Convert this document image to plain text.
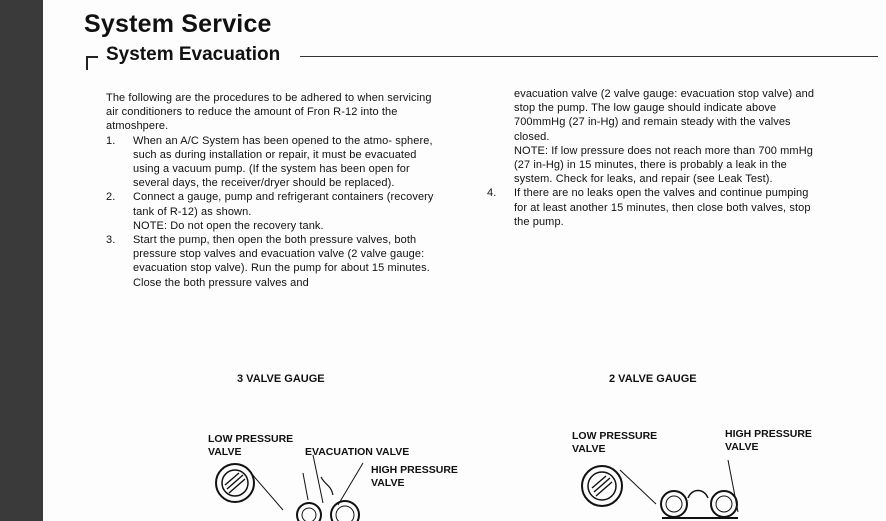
System Service
System Evacuation

The following are the procedures to be adhered to when servicing air conditioners to reduce the amount of Fron R-12 into the atmoshpere.

1. When an A/C System has been opened to the atmo- sphere, such as during installation or repair, it must be evacuated using a vacuum pump. (If the system has been open for several days, the receiver/dryer should be replaced).

2. Connect a gauge, pump and refrigerant containers (recovery tank of R-12) as shown.

NOTE: Do not open the recovery tank.

3. Start the pump, then open the both pressure valves, both pressure stop valves and evacuation valve (2 valve gauge: evacuation stop valve). Run the pump for about 15 minutes. Close the both pressure valves and

evacuation valve (2 valve gauge: evacuation stop valve) and stop the pump. The low gauge should indicate above 700mmHg (27 in-Hg) and remain steady with the valves closed.

NOTE: If low pressure does not reach more than 700 mmHg (27 in-Hg) in 15 minutes, there is probably a leak in the system. Check for leaks, and repair (see Leak Test).

4. If there are no leaks open the valves and continue pumping for at least another 15 minutes, then close both valves, stop the pump.

3 VALVE GAUGE
LOW PRESSURE VALVE	EVACUATION VALVE
HIGH PRESSURE VALVE
2 VALVE GAUGE
LOW PRESSURE VALVE
HIGH PRESSURE VALVE
